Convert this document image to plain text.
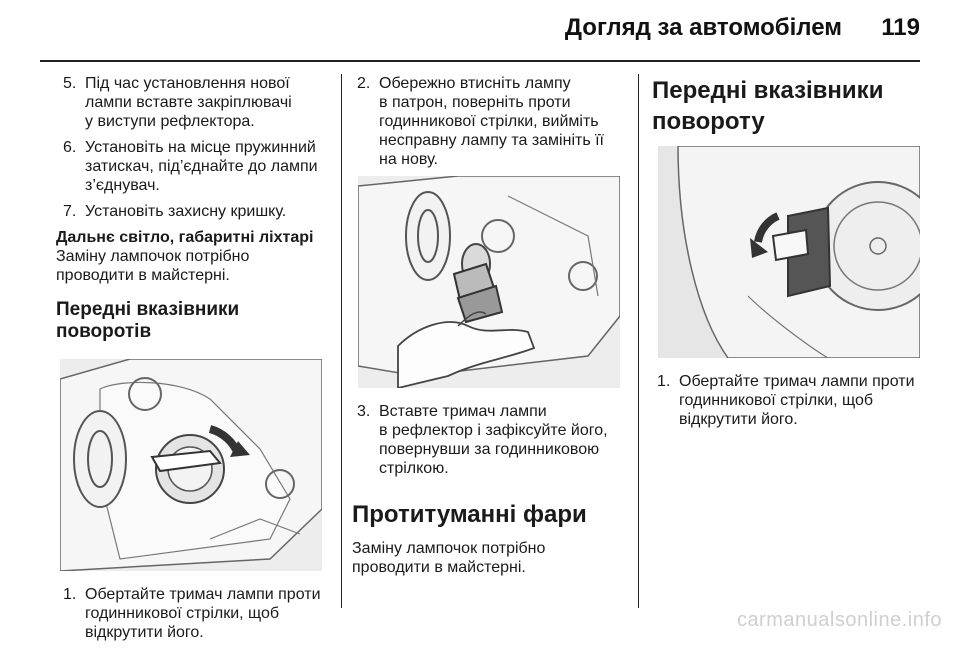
Догляд за автомобілем 119
5. Під час установлення нової
лампи вставте закріплювачі
у виступи рефлектора.
6. Установіть на місце пружинний
затискач, під’єднайте до лампи
з’єднувач.
7. Установіть захисну кришку.
Дальнє світло, габаритні ліхтарі
Заміну лампочок потрібно
проводити в майстерні.
Передні вказівники поворотів
1. Обертайте тримач лампи проти
годинникової стрілки, щоб
відкрутити його.
2. Обережно втисніть лампу
в патрон, поверніть проти
годинникової стрілки, вийміть
несправну лампу та замініть її
на нову.
3. Вставте тримач лампи
в рефлектор і зафіксуйте його,
повернувши за годинниковою
стрілкою.
Протитуманні фари
Заміну лампочок потрібно
проводити в майстерні.
Передні вказівники
повороту
1. Обертайте тримач лампи проти
годинникової стрілки, щоб
відкрутити його.
carmanualsonline.info
